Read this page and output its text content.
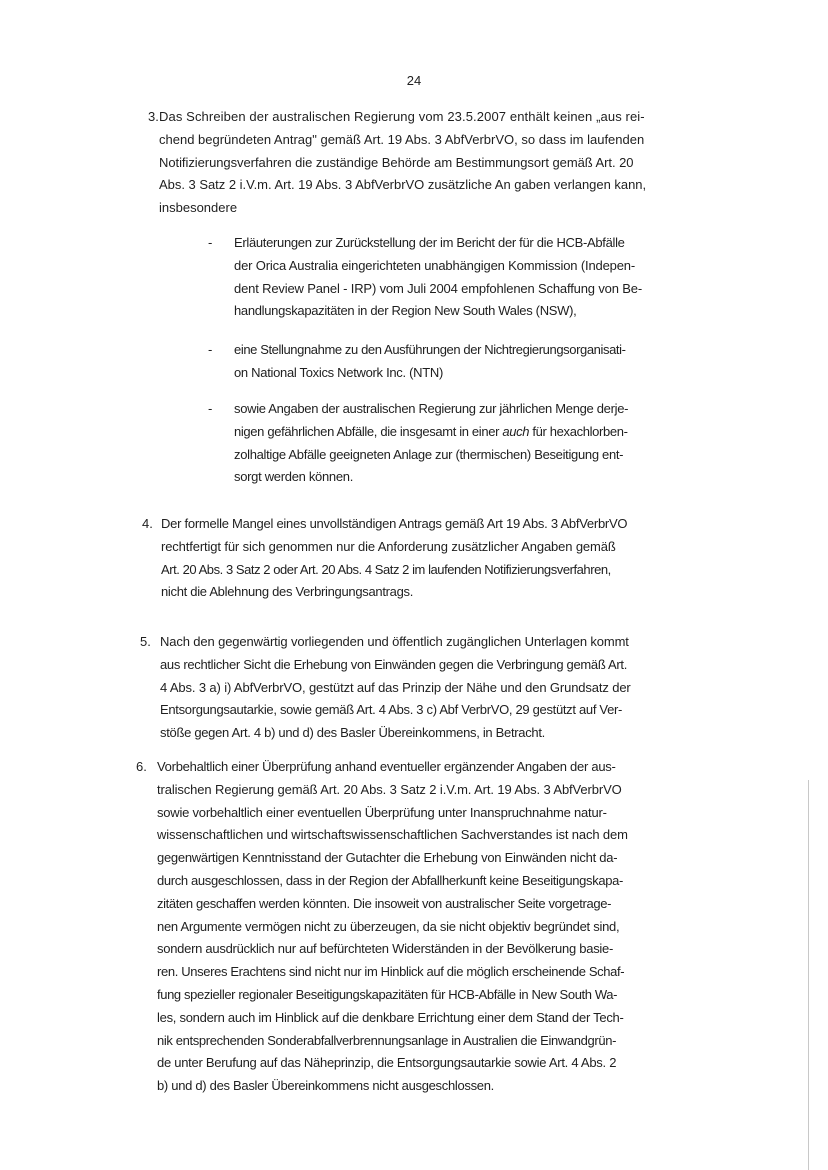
24
3. Das Schreiben der australischen Regierung vom 23.5.2007 enthält keinen „aus rei-
chend begründeten Antrag" gemäß Art. 19 Abs. 3 AbfVerbrVO, so dass im laufenden
Notifizierungsverfahren die zuständige Behörde am Bestimmungsort gemäß Art. 20
Abs. 3 Satz 2 i.V.m. Art. 19 Abs. 3 AbfVerbrVO zusätzliche An gaben verlangen kann,
insbesondere
- Erläuterungen zur Zurückstellung der im Bericht der für die HCB-Abfälle
der Orica Australia eingerichteten unabhängigen Kommission (Indepen-
dent Review Panel - IRP) vom Juli 2004 empfohlenen Schaffung von Be-
handlungskapazitäten in der Region New South Wales (NSW),
- eine Stellungnahme zu den Ausführungen der Nichtregierungsorganisati-
on National Toxics Network Inc. (NTN)
- sowie Angaben der australischen Regierung zur jährlichen Menge derje-
nigen gefährlichen Abfälle, die insgesamt in einer auch für hexachlorben-
zolhaltige Abfälle geeigneten Anlage zur (thermischen) Beseitigung ent-
sorgt werden können.
4. Der formelle Mangel eines unvollständigen Antrags gemäß Art 19 Abs. 3 AbfVerbrVO
rechtfertigt für sich genommen nur die Anforderung zusätzlicher Angaben gemäß
Art. 20 Abs. 3 Satz 2 oder Art. 20 Abs. 4 Satz 2 im laufenden Notifizierungsverfahren,
nicht die Ablehnung des Verbringungsantrags.
5. Nach den gegenwärtig vorliegenden und öffentlich zugänglichen Unterlagen kommt
aus rechtlicher Sicht die Erhebung von Einwänden gegen die Verbringung gemäß Art.
4 Abs. 3 a) i) AbfVerbrVO, gestützt auf das Prinzip der Nähe und den Grundsatz der
Entsorgungsautarkie, sowie gemäß Art. 4 Abs. 3 c) Abf VerbrVO, 29 gestützt auf Ver-
stöße gegen Art. 4 b) und d) des Basler Übereinkommens, in Betracht.
6. Vorbehaltlich einer Überprüfung anhand eventueller ergänzender Angaben der aus-
tralischen Regierung gemäß Art. 20 Abs. 3 Satz 2 i.V.m. Art. 19 Abs. 3 AbfVerbrVO
sowie vorbehaltlich einer eventuellen Überprüfung unter Inanspruchnahme natur-
wissenschaftlichen und wirtschaftswissenschaftlichen Sachverstandes ist nach dem
gegenwärtigen Kenntnisstand der Gutachter die Erhebung von Einwänden nicht da-
durch ausgeschlossen, dass in der Region der Abfallherkunft keine Beseitigungskapa-
zitäten geschaffen werden könnten. Die insoweit von australischer Seite vorgetrage-
nen Argumente vermögen nicht zu überzeugen, da sie nicht objektiv begründet sind,
sondern ausdrücklich nur auf befürchteten Widerständen in der Bevölkerung basie-
ren. Unseres Erachtens sind nicht nur im Hinblick auf die möglich erscheinende Schaf-
fung spezieller regionaler Beseitigungskapazitäten für HCB-Abfälle in New South Wa-
les, sondern auch im Hinblick auf die denkbare Errichtung einer dem Stand der Tech-
nik entsprechenden Sonderabfallverbrennungsanlage in Australien die Einwandgrün-
de unter Berufung auf das Näheprinzip, die Entsorgungsautarkie sowie Art. 4 Abs. 2
b) und d) des Basler Übereinkommens nicht ausgeschlossen.
